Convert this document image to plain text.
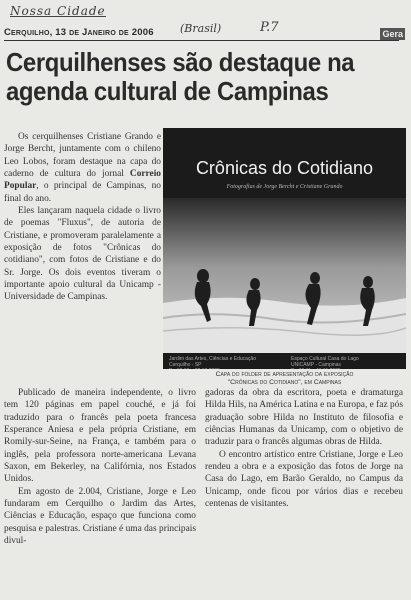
Nossa Cidade
(Brasil)	P.7
Cerquilho, 13 de Janeiro de 2006	Gera
Cerquilhenses são destaque na agenda cultural de Campinas

Os cerquilhenses Cristiane Grando e Jorge Bercht, juntamente com o chileno Leo Lobos, foram destaque na capa do caderno de cultura do jornal Correio Popular, o principal de Campinas, no final do ano.

Eles lançaram naquela cidade o livro de poemas "Fluxus", de autoria de Cristiane, e promoveram paralelamente a exposição de fotos "Crônicas do cotidiano", com fotos de Cristiane e do Sr. Jorge. Os dois eventos tiveram o importante apoio cultural da Unicamp - Universidade de Campinas.

Crônicas do Cotidiano
Fotografias de Jorge Bercht e Cristiane Grando
Jardim das Artes, Ciências e Educação
Cerquilho - SP
Espaço Cultural Casa do Lago
UNICAMP - Campinas
Capa do folder de apresentação da exposição
"Crônicas do Cotidiano", em Campinas

Publicado de maneira independente, o livro tem 120 páginas em papel couché, e já foi traduzido para o francês pela poeta francesa Esperance Aniesa e pela própria Cristiane, em Romily-sur-Seine, na França, e também para o inglês, pela professora norte-americana Levana Saxon, em Bekerley, na Califórnia, nos Estados Unidos.

Em agosto de 2.004, Cristiane, Jorge e Leo fundaram em Cerquilho o Jardim das Artes, Ciências e Educação, espaço que funciona como pesquisa e palestras. Cristiane é uma das principais divul-

gadoras da obra da escritora, poeta e dramaturga Hilda Hils, na América Latina e na Europa, e faz pós graduação sobre Hilda no Instituto de filosofia e ciências Humanas da Unicamp, com o objetivo de traduzir para o francês algumas obras de Hilda.

O encontro artístico entre Cristiane, Jorge e Leo rendeu a obra e a exposição das fotos de Jorge na Casa do Lago, em Barão Geraldo, no Campus da Unicamp, onde ficou por vários dias e recebeu centenas de visitantes.
